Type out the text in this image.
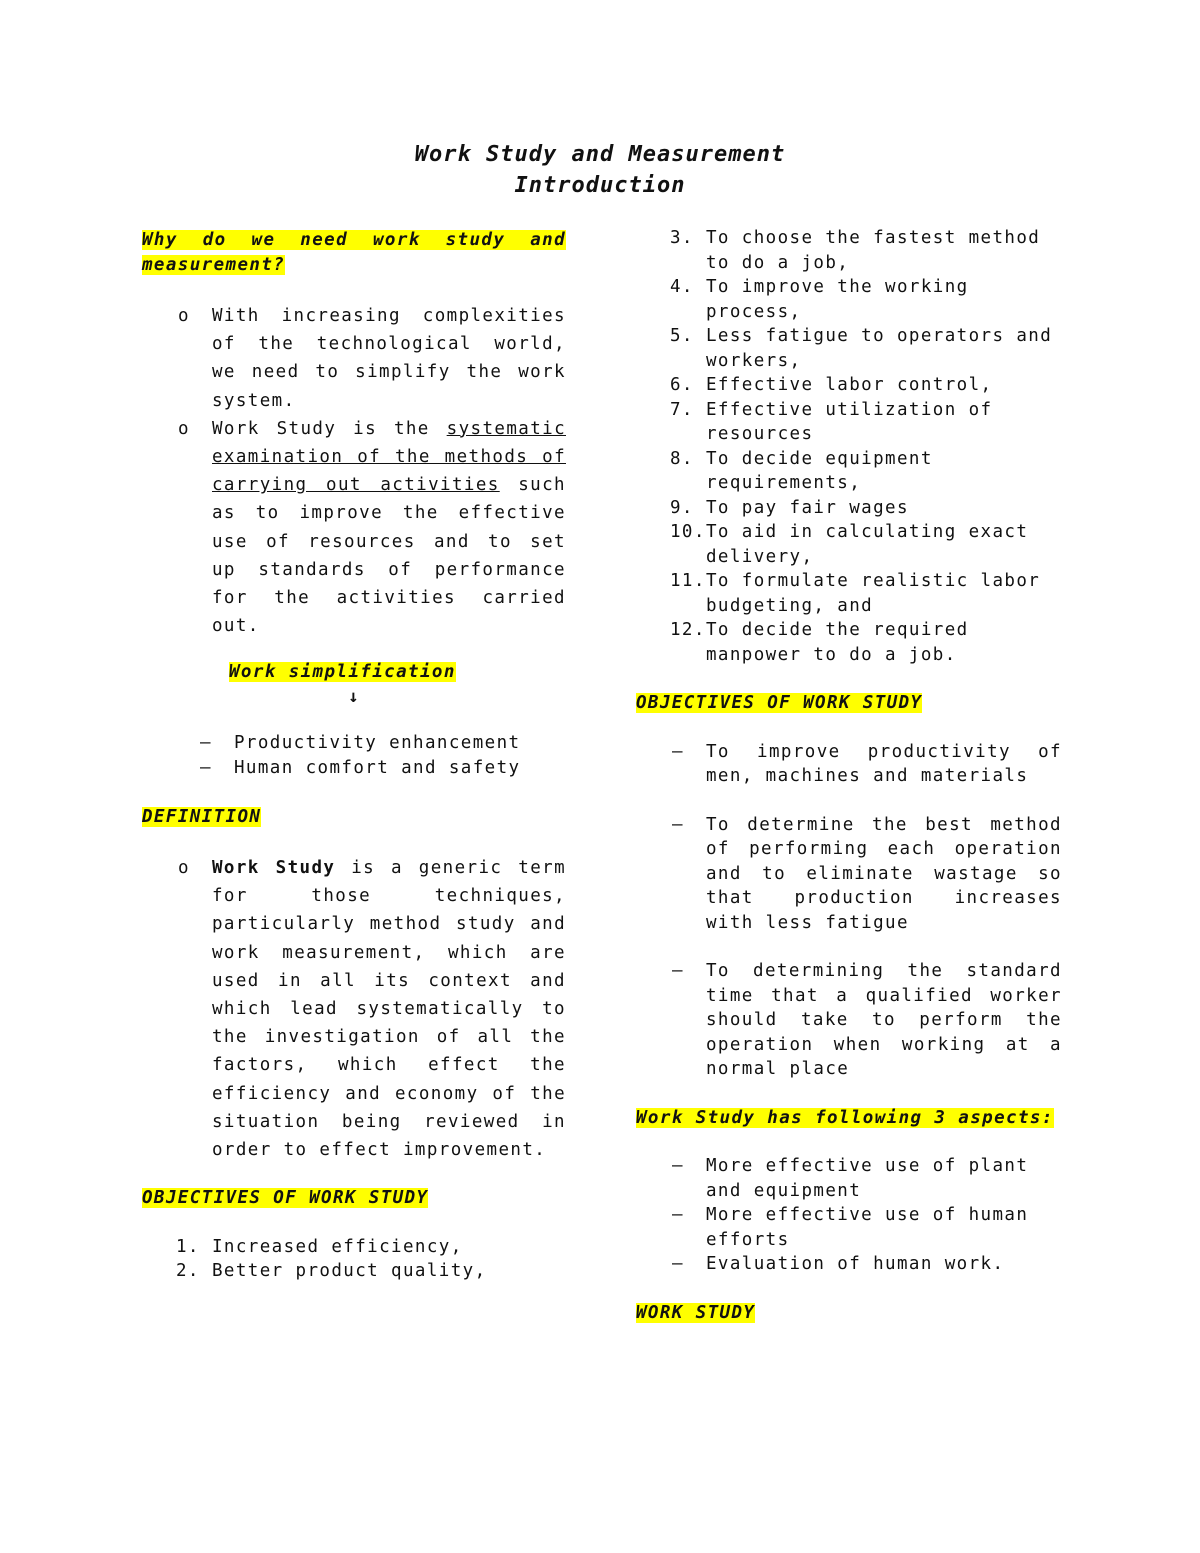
Work Study and Measurement
Introduction

Why do we need work study and measurement?

o With increasing complexities of the technological world, we need to simplify the work system.
o Work Study is the systematic examination of the methods of carrying out activities such as to improve the effective use of resources and to set up standards of performance for the activities carried out.

Work simplification

↓

– Productivity enhancement
– Human comfort and safety

DEFINITION

o Work Study is a generic term for those techniques, particularly method study and work measurement, which are used in all its context and which lead systematically to the investigation of all the factors, which effect the efficiency and economy of the situation being reviewed in order to effect improvement.

OBJECTIVES OF WORK STUDY

1. Increased efficiency,
2. Better product quality,
3. To choose the fastest method to do a job,
4. To improve the working process,
5. Less fatigue to operators and workers,
6. Effective labor control,
7. Effective utilization of resources
8. To decide equipment requirements,
9. To pay fair wages
10. To aid in calculating exact delivery,
11. To formulate realistic labor budgeting, and
12. To decide the required manpower to do a job.

OBJECTIVES OF WORK STUDY

– To improve productivity of men, machines and materials
– To determine the best method of performing each operation and to eliminate wastage so that production increases with less fatigue
– To determining the standard time that a qualified worker should take to perform the operation when working at a normal place

Work Study has following 3 aspects:

– More effective use of plant and equipment
– More effective use of human efforts
– Evaluation of human work.

WORK STUDY
